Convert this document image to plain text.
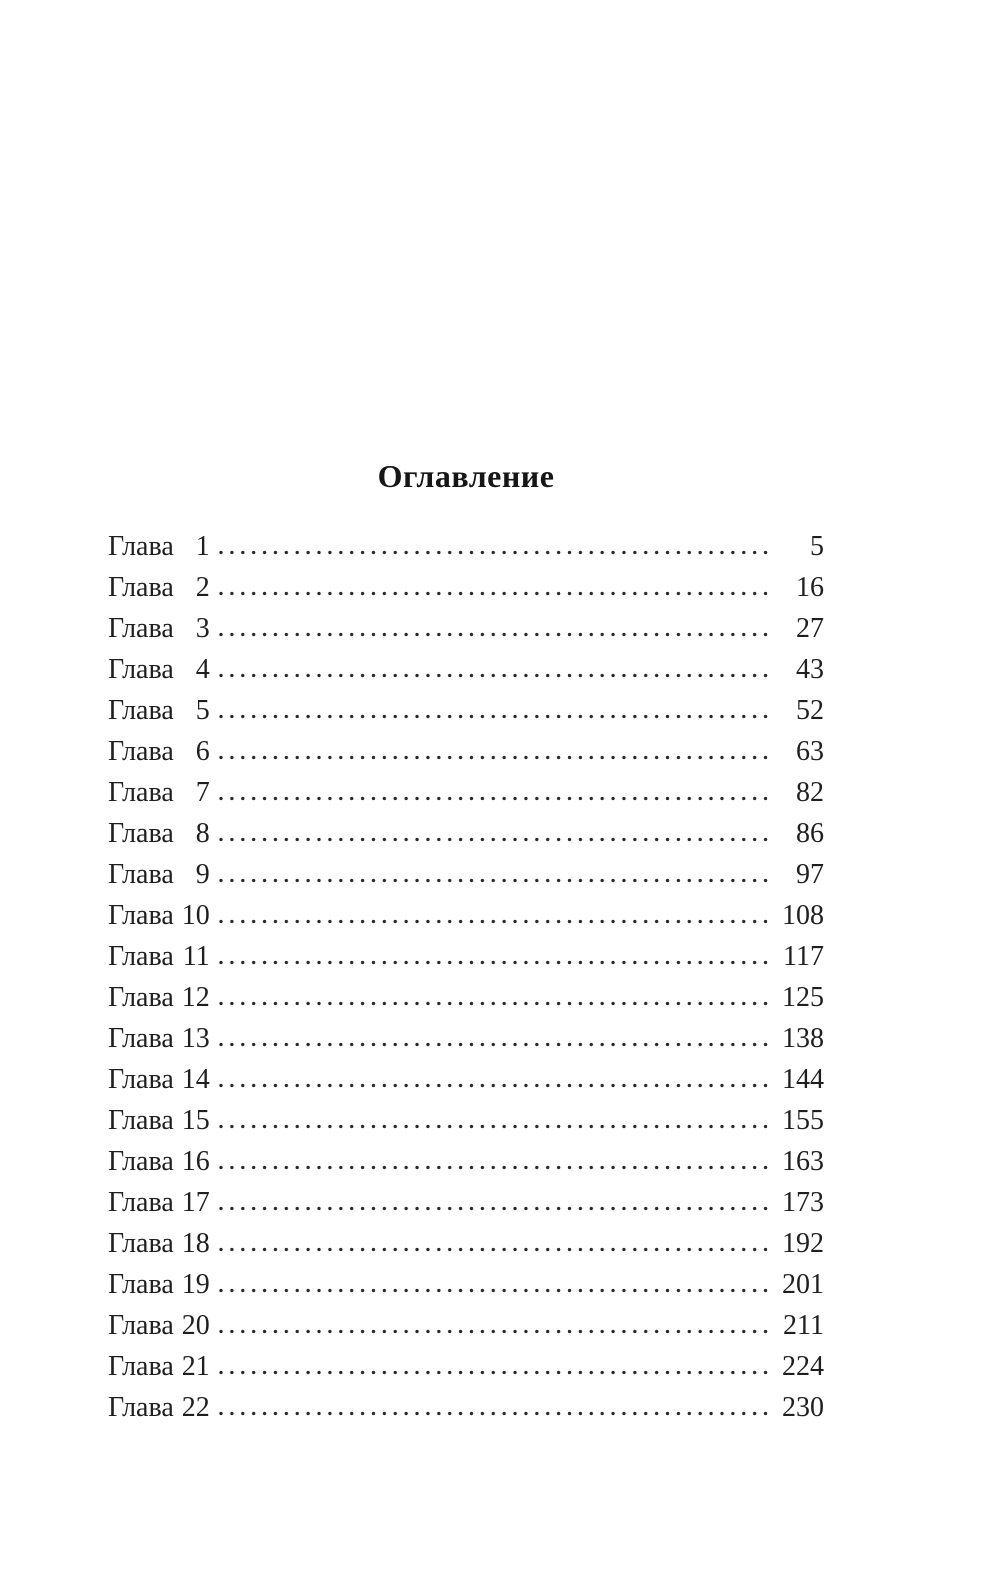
Оглавление
Глава 1	5
Глава 2	16
Глава 3	27
Глава 4	43
Глава 5	52
Глава 6	63
Глава 7	82
Глава 8	86
Глава 9	97
Глава 10	108
Глава 11	117
Глава 12	125
Глава 13	138
Глава 14	144
Глава 15	155
Глава 16	163
Глава 17	173
Глава 18	192
Глава 19	201
Глава 20	211
Глава 21	224
Глава 22	230
